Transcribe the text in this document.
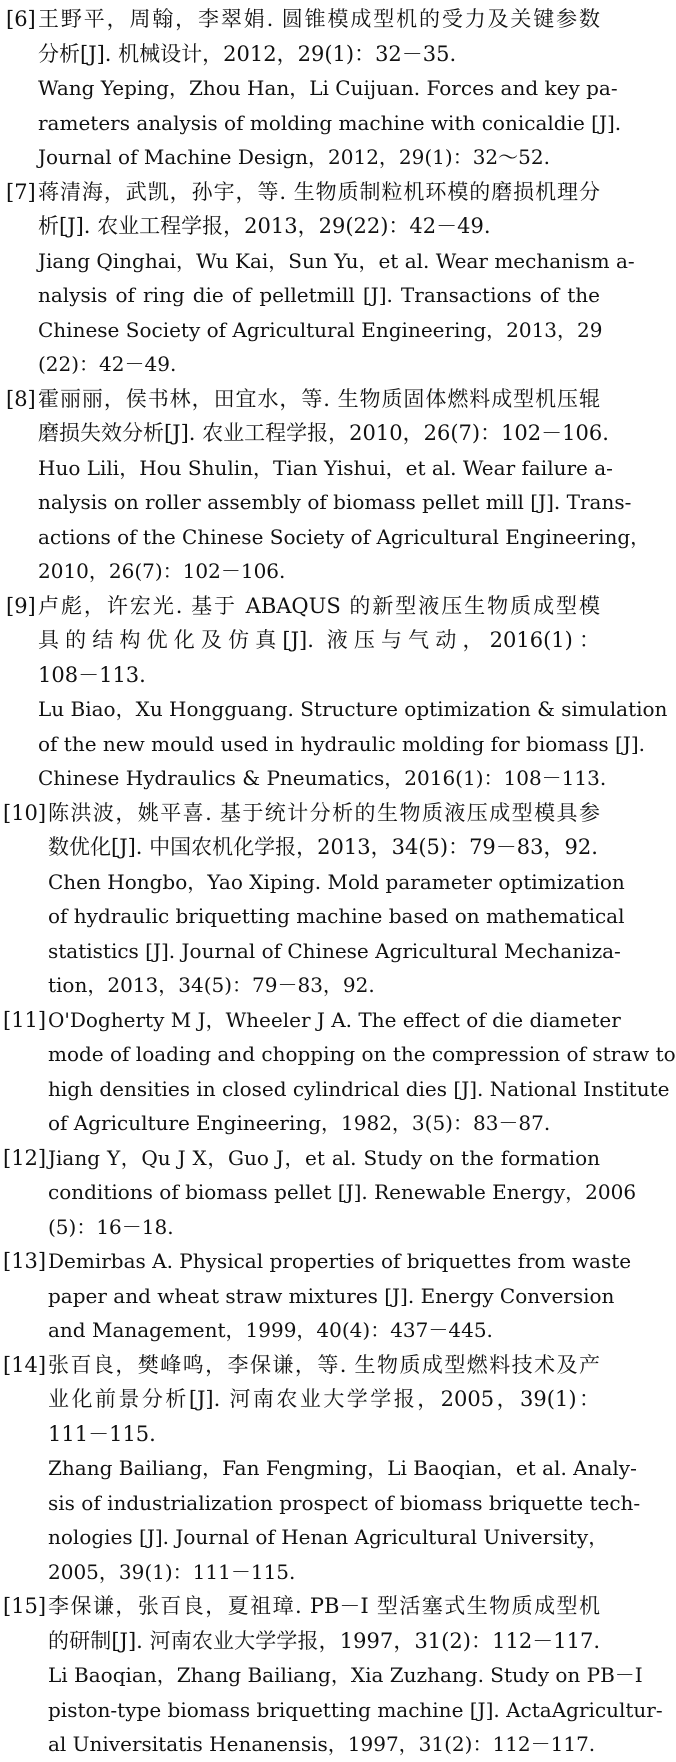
[6] 王野平，周翰，李翠娟. 圆锥模成型机的受力及关键参数
分析[J]. 机械设计，2012，29(1)：32－35.
Wang Yeping，Zhou Han，Li Cuijuan. Forces and key pa-
rameters analysis of molding machine with conicaldie [J].
Journal of Machine Design，2012，29(1)：32～52.
[7] 蒋清海，武凯，孙宇，等. 生物质制粒机环模的磨损机理分
析[J]. 农业工程学报，2013，29(22)：42－49.
Jiang Qinghai，Wu Kai，Sun Yu，et al. Wear mechanism a-
nalysis of ring die of pelletmill [J]. Transactions of the
Chinese Society of Agricultural Engineering，2013，29
(22)：42－49.
[8] 霍丽丽，侯书林，田宜水，等. 生物质固体燃料成型机压辊
磨损失效分析[J]. 农业工程学报，2010，26(7)：102－106.
Huo Lili，Hou Shulin，Tian Yishui，et al. Wear failure a-
nalysis on roller assembly of biomass pellet mill [J]. Trans-
actions of the Chinese Society of Agricultural Engineering，
2010，26(7)：102－106.
[9] 卢彪，许宏光. 基于 ABAQUS 的新型液压生物质成型模
具的结构优化及仿真[J]. 液压与气动，2016(1)：
108－113.
Lu Biao，Xu Hongguang. Structure optimization & simulation
of the new mould used in hydraulic molding for biomass [J].
Chinese Hydraulics & Pneumatics，2016(1)：108－113.
[10] 陈洪波，姚平喜. 基于统计分析的生物质液压成型模具参
数优化[J]. 中国农机化学报，2013，34(5)：79－83，92.
Chen Hongbo，Yao Xiping. Mold parameter optimization
of hydraulic briquetting machine based on mathematical
statistics [J]. Journal of Chinese Agricultural Mechaniza-
tion，2013，34(5)：79－83，92.
[11] O'Dogherty M J，Wheeler J A. The effect of die diameter
mode of loading and chopping on the compression of straw to
high densities in closed cylindrical dies [J]. National Institute
of Agriculture Engineering，1982，3(5)：83－87.
[12] Jiang Y，Qu J X，Guo J，et al. Study on the formation
conditions of biomass pellet [J]. Renewable Energy，2006
(5)：16－18.
[13] Demirbas A. Physical properties of briquettes from waste
paper and wheat straw mixtures [J]. Energy Conversion
and Management，1999，40(4)：437－445.
[14] 张百良，樊峰鸣，李保谦，等. 生物质成型燃料技术及产
业化前景分析[J]. 河南农业大学学报，2005，39(1)：
111－115.
Zhang Bailiang，Fan Fengming，Li Baoqian，et al. Analy-
sis of industrialization prospect of biomass briquette tech-
nologies [J]. Journal of Henan Agricultural University，
2005，39(1)：111－115.
[15] 李保谦，张百良，夏祖璋. PB－I 型活塞式生物质成型机
的研制[J]. 河南农业大学学报，1997，31(2)：112－117.
Li Baoqian，Zhang Bailiang，Xia Zuzhang. Study on PB－I
piston-type biomass briquetting machine [J]. ActaAgricultur-
al Universitatis Henanensis，1997，31(2)：112－117.
